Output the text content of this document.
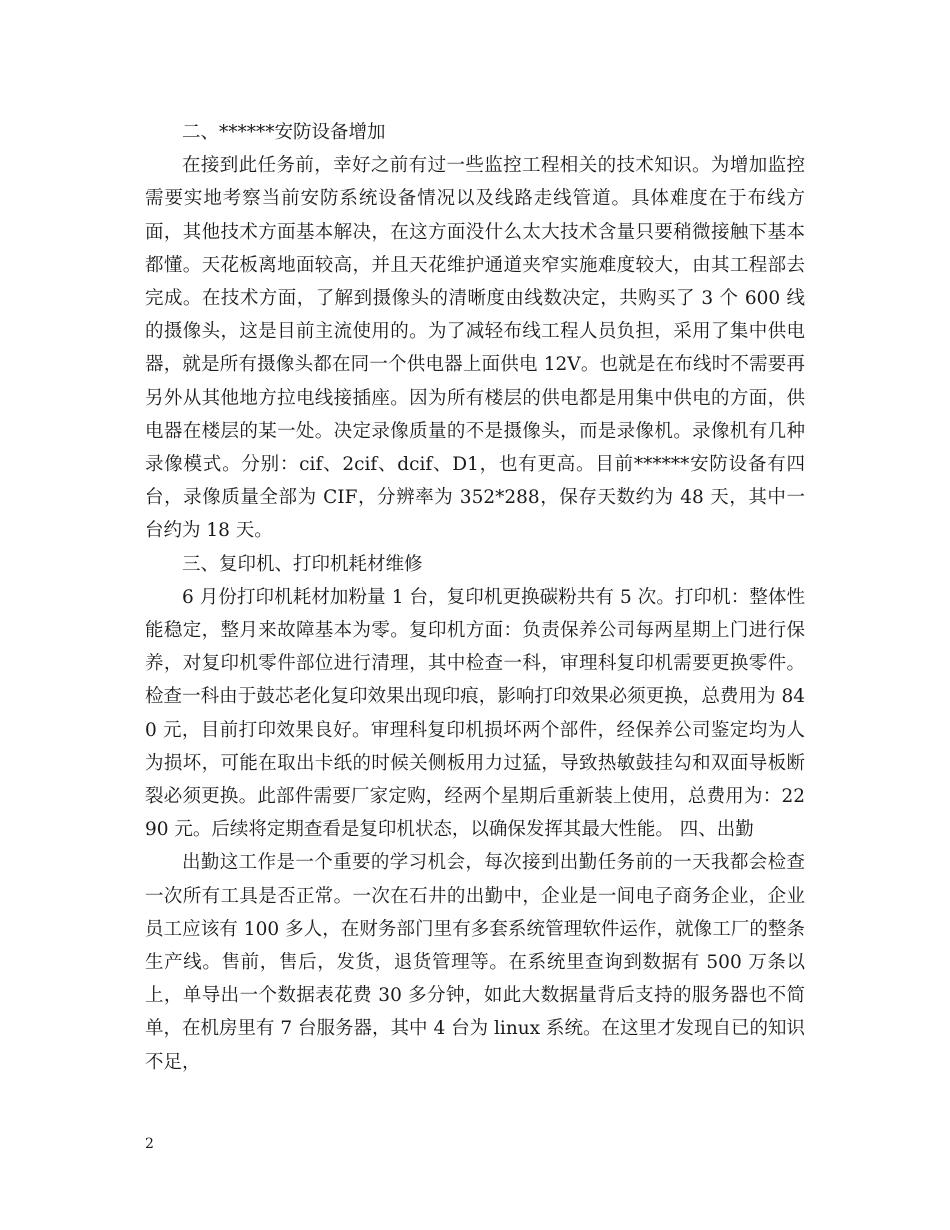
二、******安防设备增加

在接到此任务前，幸好之前有过一些监控工程相关的技术知识。为增加监控需要实地考察当前安防系统设备情况以及线路走线管道。具体难度在于布线方面，其他技术方面基本解决，在这方面没什么太大技术含量只要稍微接触下基本都懂。天花板离地面较高，并且天花维护通道夹窄实施难度较大，由其工程部去完成。在技术方面，了解到摄像头的清晰度由线数决定，共购买了 3 个 600 线的摄像头，这是目前主流使用的。为了减轻布线工程人员负担，采用了集中供电器，就是所有摄像头都在同一个供电器上面供电 12V。也就是在布线时不需要再另外从其他地方拉电线接插座。因为所有楼层的供电都是用集中供电的方面，供电器在楼层的某一处。决定录像质量的不是摄像头，而是录像机。录像机有几种录像模式。分别：cif、2cif、dcif、D1，也有更高。目前******安防设备有四台，录像质量全部为 CIF，分辨率为 352*288，保存天数约为 48 天，其中一台约为 18 天。

三、复印机、打印机耗材维修

6 月份打印机耗材加粉量 1 台，复印机更换碳粉共有 5 次。打印机：整体性能稳定，整月来故障基本为零。复印机方面：负责保养公司每两星期上门进行保养，对复印机零件部位进行清理，其中检查一科，审理科复印机需要更换零件。检查一科由于鼓芯老化复印效果出现印痕，影响打印效果必须更换，总费用为 840 元，目前打印效果良好。审理科复印机损坏两个部件，经保养公司鉴定均为人为损坏，可能在取出卡纸的时候关侧板用力过猛，导致热敏鼓挂勾和双面导板断裂必须更换。此部件需要厂家定购，经两个星期后重新装上使用，总费用为：2290 元。后续将定期查看是复印机状态，以确保发挥其最大性能。 四、出勤

出勤这工作是一个重要的学习机会，每次接到出勤任务前的一天我都会检查一次所有工具是否正常。一次在石井的出勤中，企业是一间电子商务企业，企业员工应该有 100 多人，在财务部门里有多套系统管理软件运作，就像工厂的整条生产线。售前，售后，发货，退货管理等。在系统里查询到数据有 500 万条以上，单导出一个数据表花费 30 多分钟，如此大数据量背后支持的服务器也不简单，在机房里有 7 台服务器，其中 4 台为 linux 系统。在这里才发现自已的知识不足，

2
